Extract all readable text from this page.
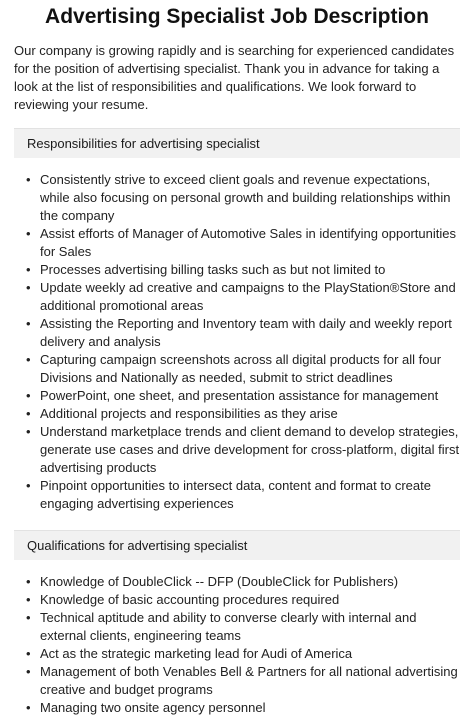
Advertising Specialist Job Description

Our company is growing rapidly and is searching for experienced candidates for the position of advertising specialist. Thank you in advance for taking a look at the list of responsibilities and qualifications. We look forward to reviewing your resume.

Responsibilities for advertising specialist
• Consistently strive to exceed client goals and revenue expectations, while also focusing on personal growth and building relationships within the company
• Assist efforts of Manager of Automotive Sales in identifying opportunities for Sales
• Processes advertising billing tasks such as but not limited to
• Update weekly ad creative and campaigns to the PlayStation®Store and additional promotional areas
• Assisting the Reporting and Inventory team with daily and weekly report delivery and analysis
• Capturing campaign screenshots across all digital products for all four Divisions and Nationally as needed, submit to strict deadlines
• PowerPoint, one sheet, and presentation assistance for management
• Additional projects and responsibilities as they arise
• Understand marketplace trends and client demand to develop strategies, generate use cases and drive development for cross-platform, digital first advertising products
• Pinpoint opportunities to intersect data, content and format to create engaging advertising experiences
Qualifications for advertising specialist
• Knowledge of DoubleClick -- DFP (DoubleClick for Publishers)
• Knowledge of basic accounting procedures required
• Technical aptitude and ability to converse clearly with internal and external clients, engineering teams
• Act as the strategic marketing lead for Audi of America
• Management of both Venables Bell & Partners for all national advertising creative and budget programs
• Managing two onsite agency personnel
